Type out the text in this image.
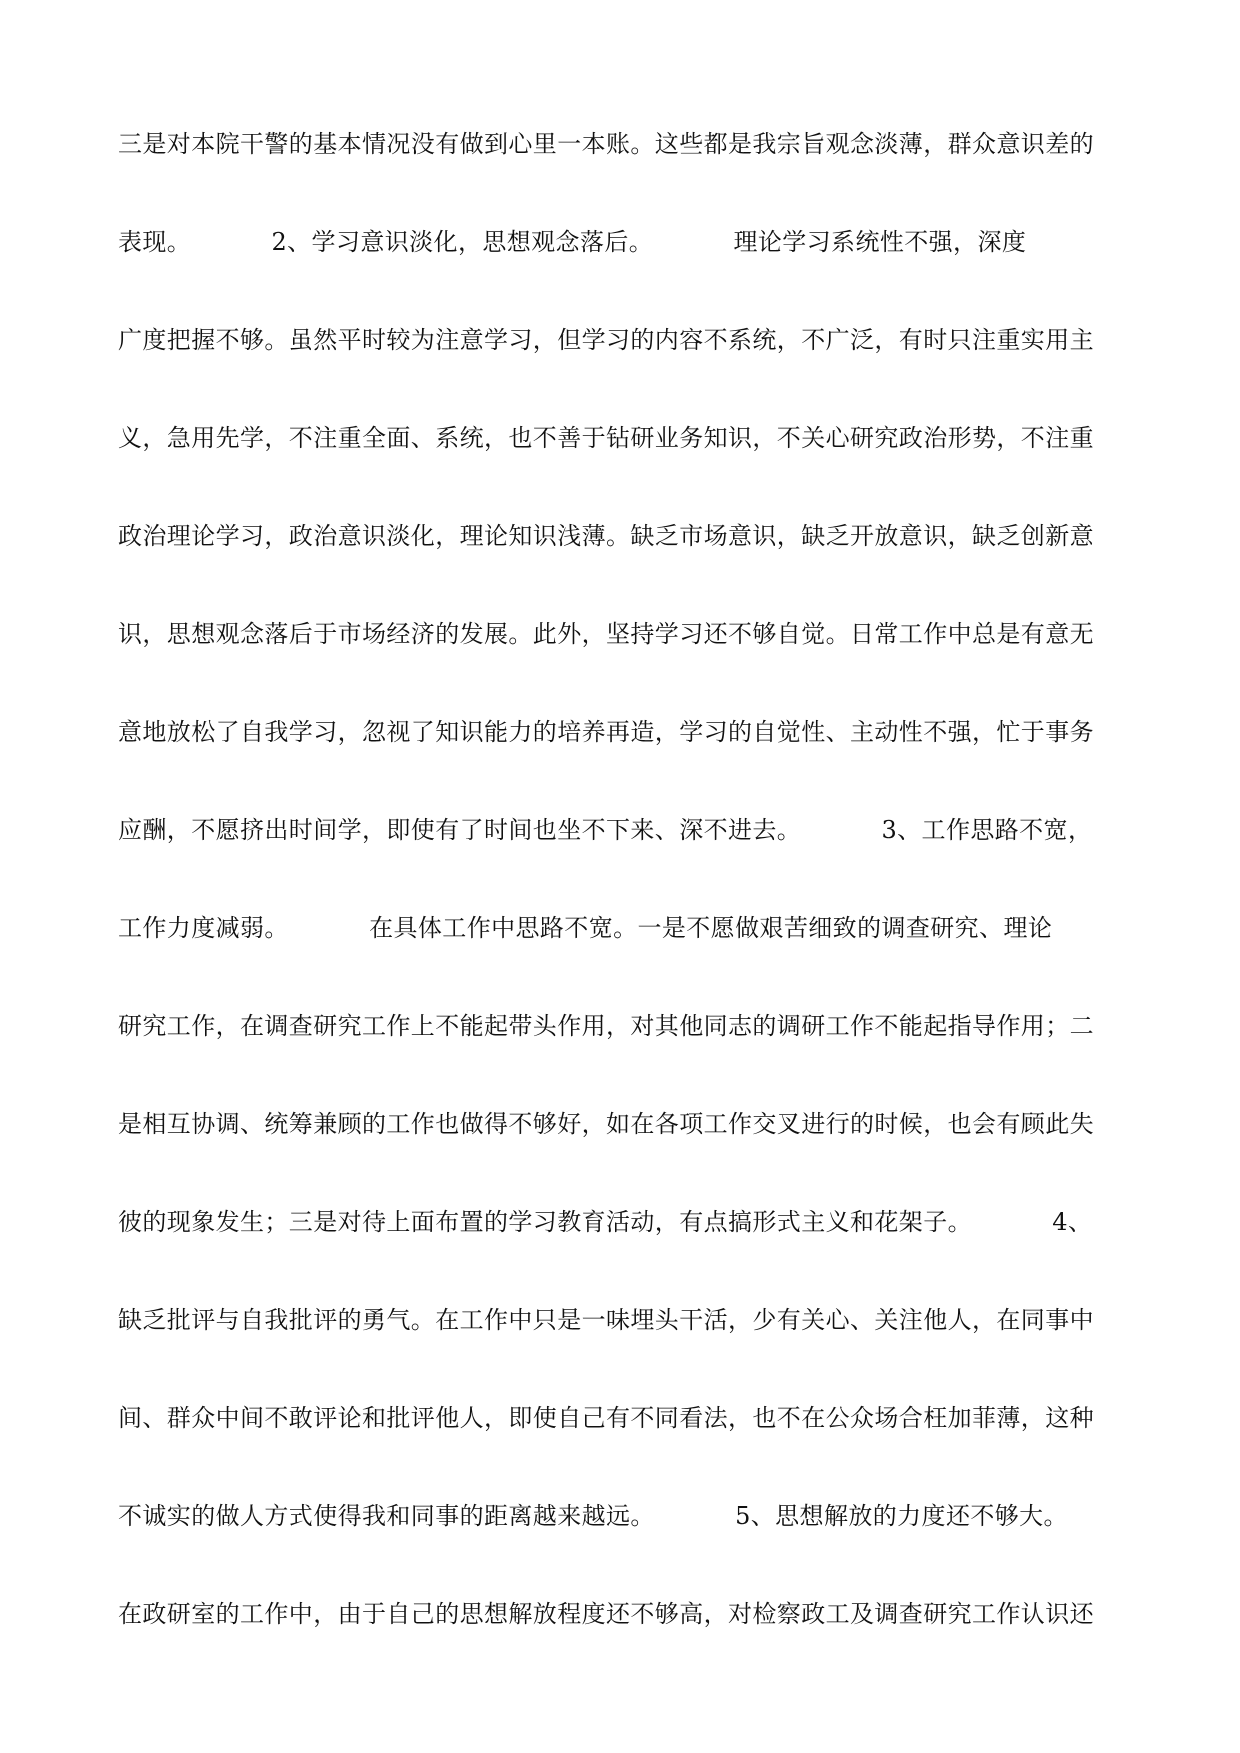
三是对本院干警的基本情况没有做到心里一本账。这些都是我宗旨观念淡薄，群众意识差的
表现。          2、学习意识淡化，思想观念落后。          理论学习系统性不强，深度
广度把握不够。虽然平时较为注意学习，但学习的内容不系统，不广泛，有时只注重实用主
义，急用先学，不注重全面、系统，也不善于钻研业务知识，不关心研究政治形势，不注重
政治理论学习，政治意识淡化，理论知识浅薄。缺乏市场意识，缺乏开放意识，缺乏创新意
识，思想观念落后于市场经济的发展。此外，坚持学习还不够自觉。日常工作中总是有意无
意地放松了自我学习，忽视了知识能力的培养再造，学习的自觉性、主动性不强，忙于事务
应酬，不愿挤出时间学，即使有了时间也坐不下来、深不进去。          3、工作思路不宽，
工作力度减弱。          在具体工作中思路不宽。一是不愿做艰苦细致的调查研究、理论
研究工作，在调查研究工作上不能起带头作用，对其他同志的调研工作不能起指导作用；二
是相互协调、统筹兼顾的工作也做得不够好，如在各项工作交叉进行的时候，也会有顾此失
彼的现象发生；三是对待上面布置的学习教育活动，有点搞形式主义和花架子。          4、
缺乏批评与自我批评的勇气。在工作中只是一味埋头干活，少有关心、关注他人，在同事中
间、群众中间不敢评论和批评他人，即使自己有不同看法，也不在公众场合枉加菲薄，这种
不诚实的做人方式使得我和同事的距离越来越远。          5、思想解放的力度还不够大。
在政研室的工作中，由于自己的思想解放程度还不够高，对检察政工及调查研究工作认识还
